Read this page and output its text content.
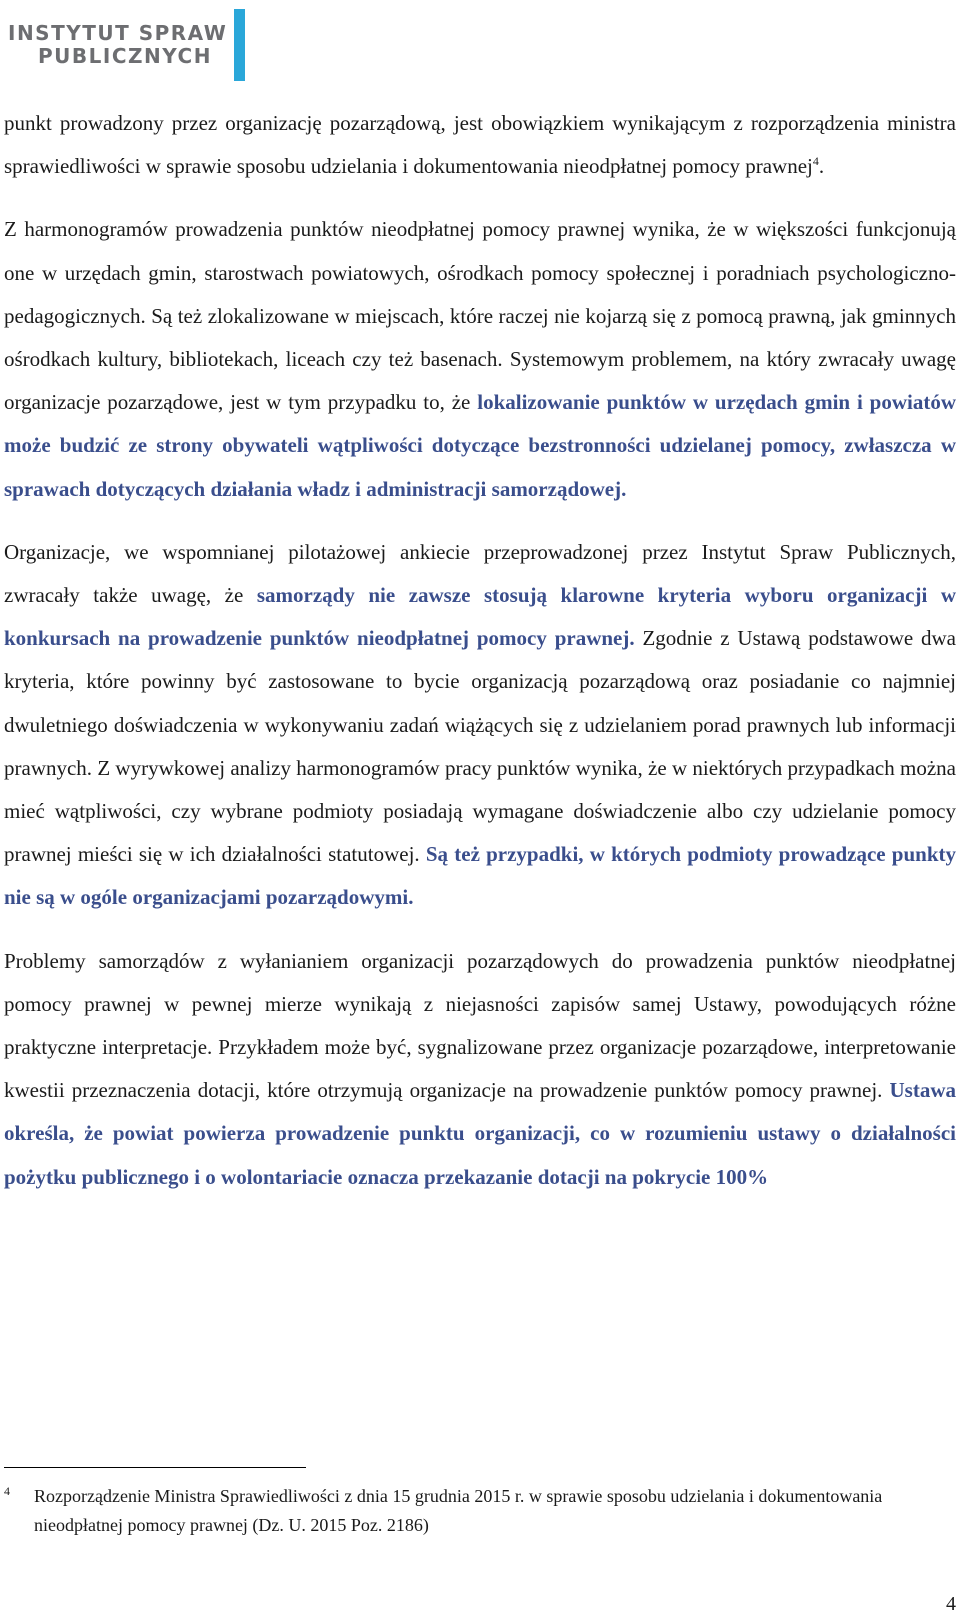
INSTYTUT SPRAW
PUBLICZNYCH

punkt prowadzony przez organizację pozarządową, jest obowiązkiem wynikającym z rozporządzenia ministra sprawiedliwości w sprawie sposobu udzielania i dokumentowania nieodpłatnej pomocy prawnej$^4$.

Z harmonogramów prowadzenia punktów nieodpłatnej pomocy prawnej wynika, że w większości funkcjonują one w urzędach gmin, starostwach powiatowych, ośrodkach pomocy społecznej i poradniach psychologiczno-pedagogicznych. Są też zlokalizowane w miejscach, które raczej nie kojarzą się z pomocą prawną, jak gminnych ośrodkach kultury, bibliotekach, liceach czy też basenach. Systemowym problemem, na który zwracały uwagę organizacje pozarządowe, jest w tym przypadku to, że lokalizowanie punktów w urzędach gmin i powiatów może budzić ze strony obywateli wątpliwości dotyczące bezstronności udzielanej pomocy, zwłaszcza w sprawach dotyczących działania władz i administracji samorządowej.

Organizacje, we wspomnianej pilotażowej ankiecie przeprowadzonej przez Instytut Spraw Publicznych, zwracały także uwagę, że samorządy nie zawsze stosują klarowne kryteria wyboru organizacji w konkursach na prowadzenie punktów nieodpłatnej pomocy prawnej. Zgodnie z Ustawą podstawowe dwa kryteria, które powinny być zastosowane to bycie organizacją pozarządową oraz posiadanie co najmniej dwuletniego doświadczenia w wykonywaniu zadań wiążących się z udzielaniem porad prawnych lub informacji prawnych. Z wyrywkowej analizy harmonogramów pracy punktów wynika, że w niektórych przypadkach można mieć wątpliwości, czy wybrane podmioty posiadają wymagane doświadczenie albo czy udzielanie pomocy prawnej mieści się w ich działalności statutowej. Są też przypadki, w których podmioty prowadzące punkty nie są w ogóle organizacjami pozarządowymi.

Problemy samorządów z wyłanianiem organizacji pozarządowych do prowadzenia punktów nieodpłatnej pomocy prawnej w pewnej mierze wynikają z niejasności zapisów samej Ustawy, powodujących różne praktyczne interpretacje. Przykładem może być, sygnalizowane przez organizacje pozarządowe, interpretowanie kwestii przeznaczenia dotacji, które otrzymują organizacje na prowadzenie punktów pomocy prawnej. Ustawa określa, że powiat powierza prowadzenie punktu organizacji, co w rozumieniu ustawy o działalności pożytku publicznego i o wolontariacie oznacza przekazanie dotacji na pokrycie 100%

4	Rozporządzenie Ministra Sprawiedliwości z dnia 15 grudnia 2015 r. w sprawie sposobu udzielania i dokumentowania nieodpłatnej pomocy prawnej (Dz. U. 2015 Poz. 2186)
4
